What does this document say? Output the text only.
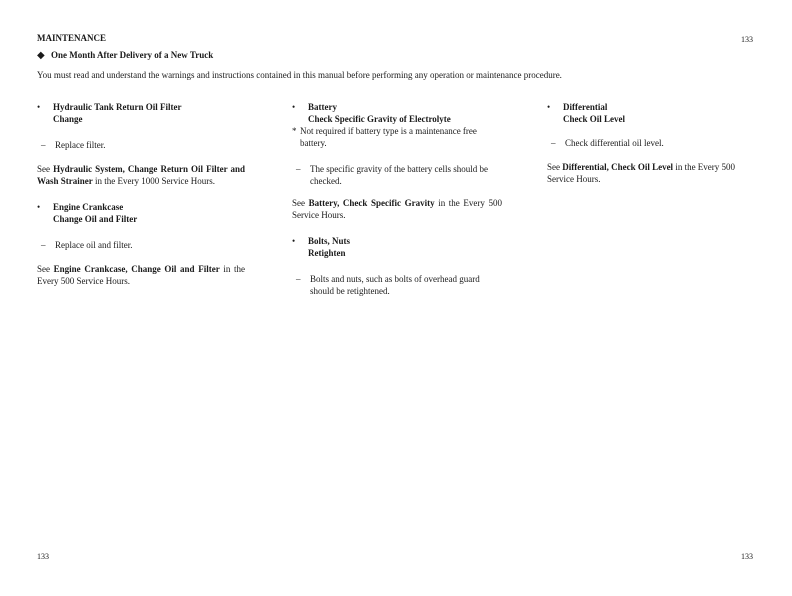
MAINTENANCE	133
◆ One Month After Delivery of a New Truck
You must read and understand the warnings and instructions contained in this manual before performing any operation or maintenance procedure.
• Hydraulic Tank Return Oil Filter
Change
– Replace filter.
See Hydraulic System, Change Return Oil Filter and Wash Strainer in the Every 1000 Service Hours.
• Engine Crankcase
Change Oil and Filter
– Replace oil and filter.
See Engine Crankcase, Change Oil and Filter in the Every 500 Service Hours.
• Battery
Check Specific Gravity of Electrolyte
* Not required if battery type is a maintenance free battery.
– The specific gravity of the battery cells should be checked.
See Battery, Check Specific Gravity in the Every 500 Service Hours.
• Bolts, Nuts
Retighten
– Bolts and nuts, such as bolts of overhead guard should be retightened.
• Differential
Check Oil Level
– Check differential oil level.
See Differential, Check Oil Level in the Every 500 Service Hours.
133	133
